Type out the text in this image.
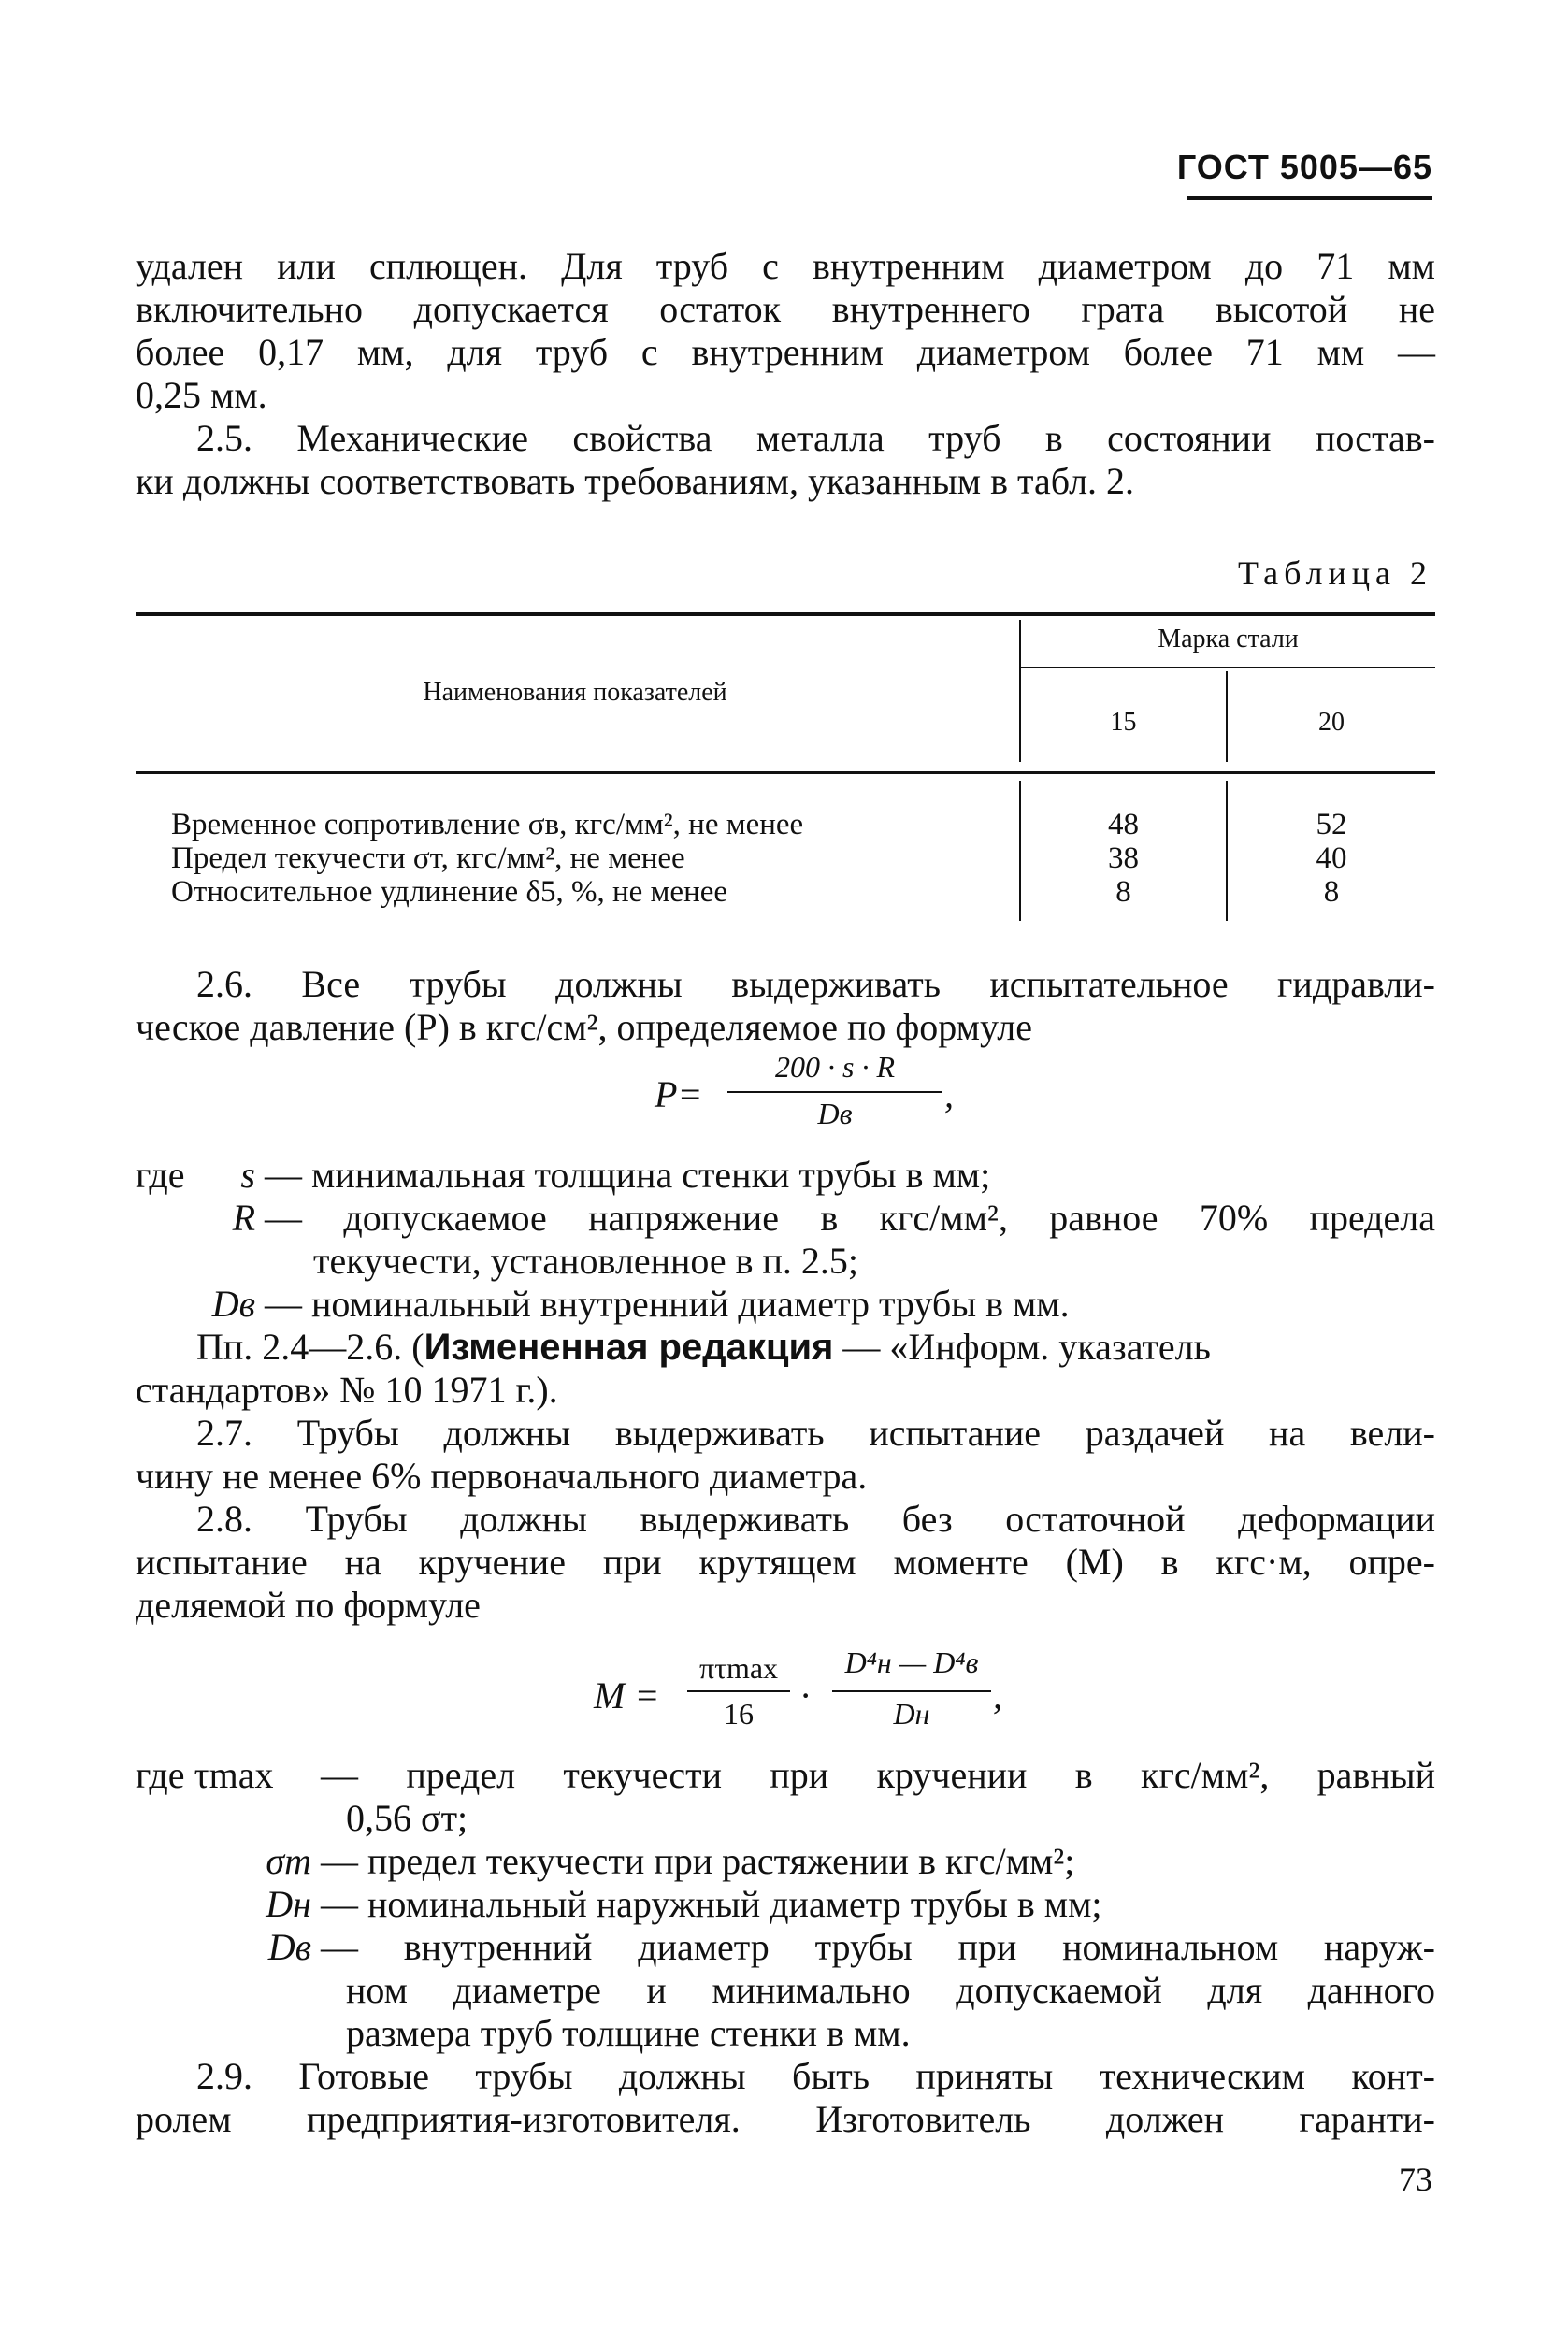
ГОСТ 5005—65
удален или сплющен. Для труб с внутренним диаметром до 71 мм
включительно допускается остаток внутреннего грата высотой не
более 0,17 мм, для труб с внутренним диаметром более 71 мм —
0,25 мм.
2.5. Механические свойства металла труб в состоянии постав-
ки должны соответствовать требованиям, указанным в табл. 2.
Таблица 2
Наименования показателей
Марка стали
15	20
Временное сопротивление σв, кгс/мм², не менее	48	52
Предел текучести σт, кгс/мм², не менее	38	40
Относительное удлинение δ5, %, не менее	8	8
2.6. Все трубы должны выдерживать испытательное гидравли-
ческое давление (P) в кгс/см², определяемое по формуле
P=
200 · s · R
Dв	,
где	s — минимальная толщина стенки трубы в мм;
R — допускаемое напряжение в кгс/мм², равное 70% предела
текучести, установленное в п. 2.5;
Dв — номинальный внутренний диаметр трубы в мм.
Пп. 2.4—2.6. (Измененная редакция — «Информ. указатель
стандартов» № 10 1971 г.).
2.7. Трубы должны выдерживать испытание раздачей на вели-
чину не менее 6% первоначального диаметра.
2.8. Трубы должны выдерживать без остаточной деформации
испытание на кручение при крутящем моменте (M) в кгс·м, опре-
деляемой по формуле
M =
πτmax
16	·
D⁴н — D⁴в
Dн	,
где τmax — предел текучести при кручении в кгс/мм², равный
0,56 σт;
σт — предел текучести при растяжении в кгс/мм²;
Dн — номинальный наружный диаметр трубы в мм;
Dв — внутренний диаметр трубы при номинальном наруж-
ном диаметре и минимально допускаемой для данного
размера труб толщине стенки в мм.
2.9. Готовые трубы должны быть приняты техническим конт-
ролем предприятия-изготовителя. Изготовитель должен гаранти-
73
